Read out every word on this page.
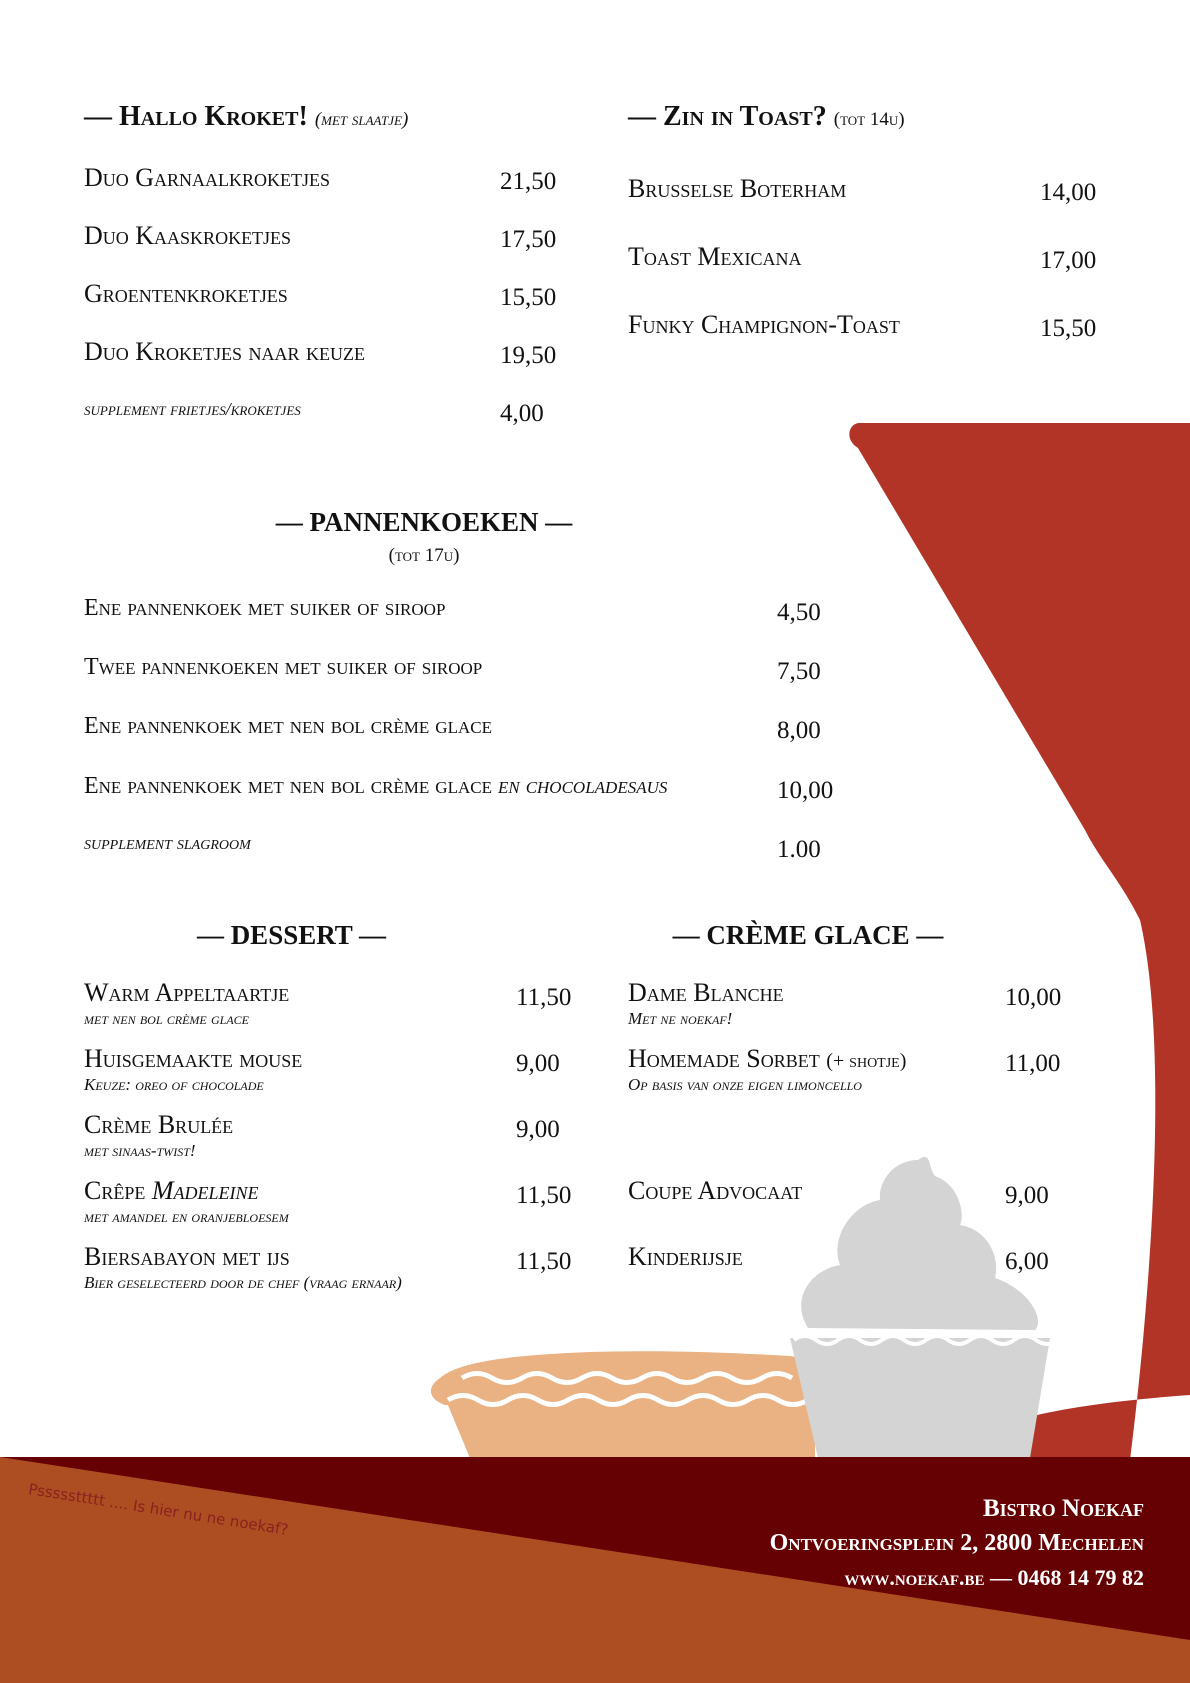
— Hallo Kroket! (met slaatje)
Duo Garnaalkroketjes	21,50
Duo Kaaskroketjes	17,50
Groentenkroketjes	15,50
Duo Kroketjes naar keuze	19,50
supplement frietjes/kroketjes	4,00
— Zin in Toast? (tot 14u)
Brusselse Boterham	14,00
Toast Mexicana	17,00
Funky Champignon-Toast	15,50
— PANNENKOEKEN —
(tot 17u)
Ene pannenkoek met suiker of siroop	4,50
Twee pannenkoeken met suiker of siroop	7,50
Ene pannenkoek met nen bol crème glace	8,00
Ene pannenkoek met nen bol crème glace en chocoladesaus	10,00
supplement slagroom	1.00
— DESSERT —
Warm Appeltaartje
met nen bol crème glace
11,50
Huisgemaakte mouse
Keuze: oreo of chocolade
9,00
Crème Brulée
met sinaas-twist!
9,00
Crêpe Madeleine
met amandel en oranjebloesem
11,50
Biersabayon met ijs
Bier geselecteerd door de chef (vraag ernaar)
11,50
— CRÈME GLACE —
Dame Blanche
Met ne noekaf!
10,00
Homemade Sorbet (+ shotje)
Op basis van onze eigen limoncello
11,00
Coupe Advocaat	9,00
Kinderijsje	6,00
Psssssttttt .... Is hier nu ne noekaf?	Bistro Noekaf
Ontvoeringsplein 2, 2800 Mechelen
www.noekaf.be — 0468 14 79 82
